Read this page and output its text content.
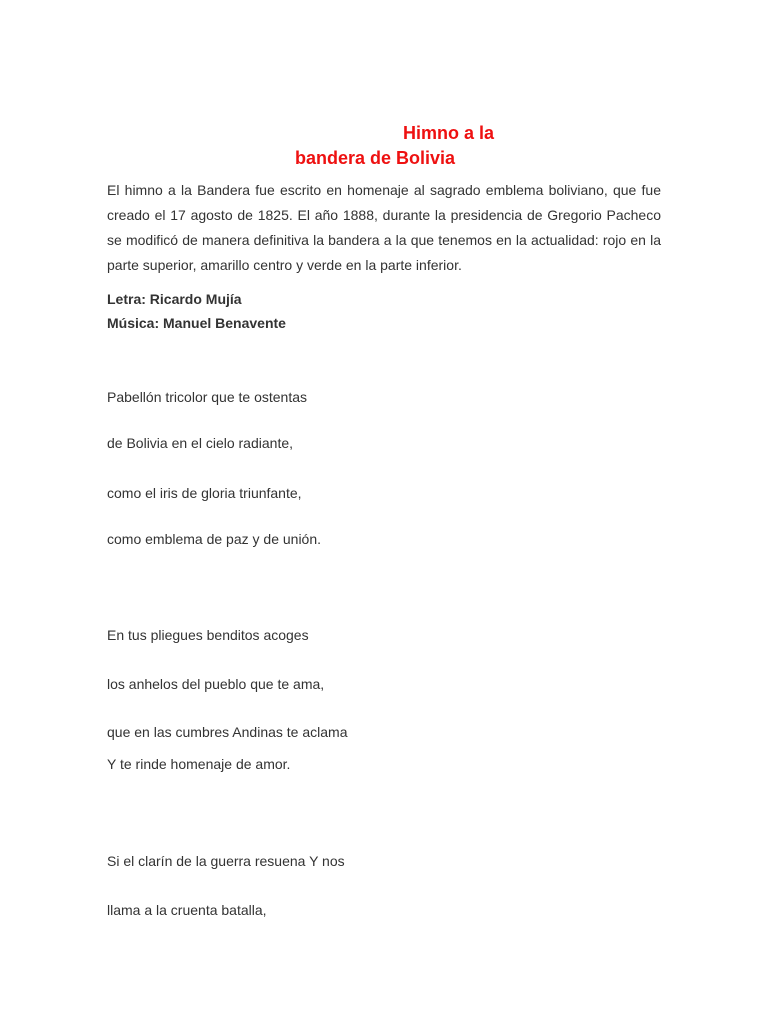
Himno a la
bandera de Bolivia
El himno a la Bandera fue escrito en homenaje al sagrado emblema boliviano, que fue creado el 17 agosto de 1825. El año 1888, durante la presidencia de Gregorio Pacheco se modificó de manera definitiva la bandera a la que tenemos en la actualidad: rojo en la parte superior, amarillo centro y verde en la parte inferior.
Letra: Ricardo Mujía
Música: Manuel Benavente
Pabellón tricolor que te ostentas
de Bolivia en el cielo radiante,
como el iris de gloria triunfante,
como emblema de paz y de unión.
En tus pliegues benditos acoges
los anhelos del pueblo que te ama,
que en las cumbres Andinas te aclama
Y te rinde homenaje de amor.
Si el clarín de la guerra resuena Y nos
llama a la cruenta batalla,
